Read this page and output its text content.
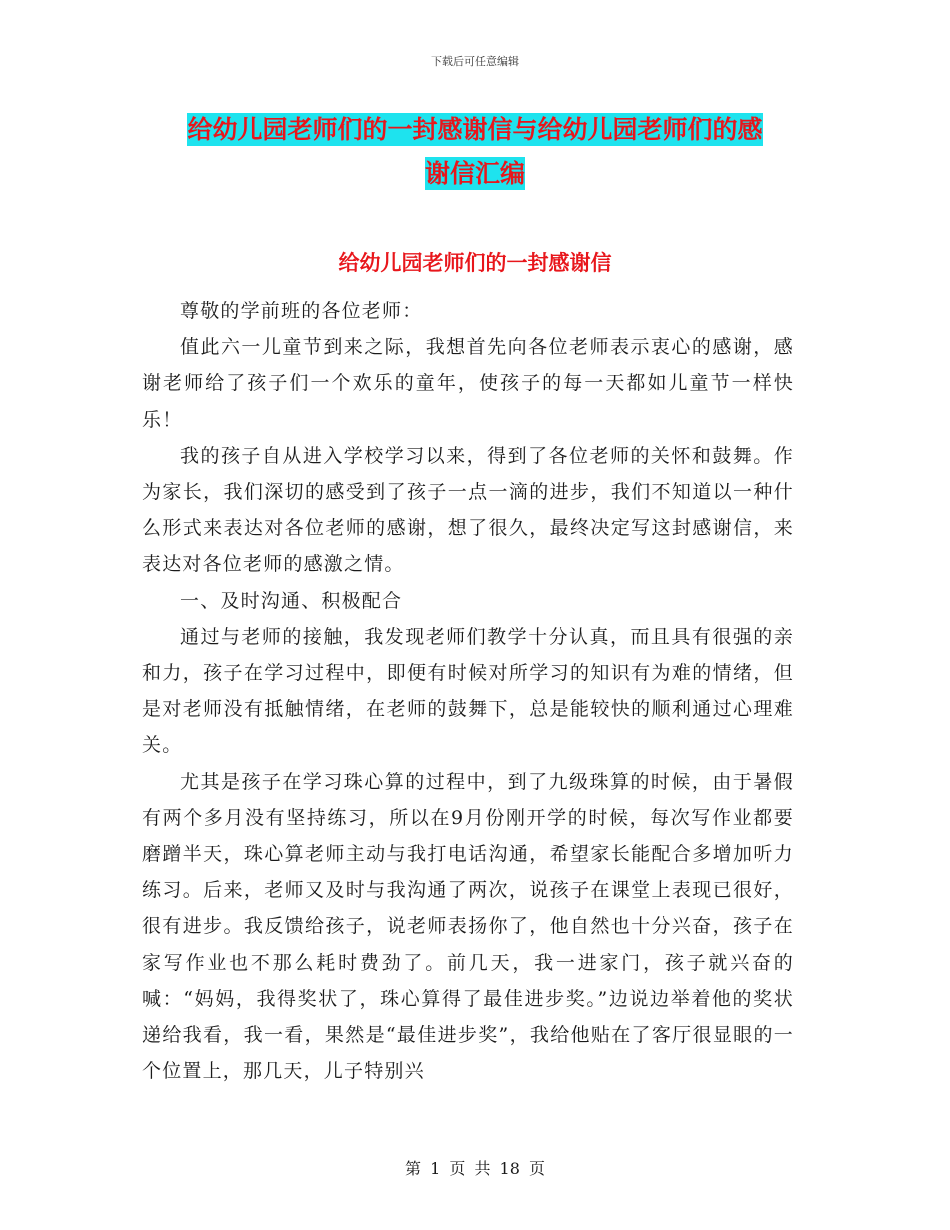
下载后可任意编辑
给幼儿园老师们的一封感谢信与给幼儿园老师们的感
谢信汇编
给幼儿园老师们的一封感谢信

尊敬的学前班的各位老师：

值此六一儿童节到来之际，我想首先向各位老师表示衷心的感谢，感谢老师给了孩子们一个欢乐的童年，使孩子的每一天都如儿童节一样快乐！

我的孩子自从进入学校学习以来，得到了各位老师的关怀和鼓舞。作为家长，我们深切的感受到了孩子一点一滴的进步，我们不知道以一种什么形式来表达对各位老师的感谢，想了很久，最终决定写这封感谢信，来表达对各位老师的感激之情。

一、及时沟通、积极配合

通过与老师的接触，我发现老师们教学十分认真，而且具有很强的亲和力，孩子在学习过程中，即便有时候对所学习的知识有为难的情绪，但是对老师没有抵触情绪，在老师的鼓舞下，总是能较快的顺利通过心理难关。

尤其是孩子在学习珠心算的过程中，到了九级珠算的时候，由于暑假有两个多月没有坚持练习，所以在9月份刚开学的时候，每次写作业都要磨蹭半天，珠心算老师主动与我打电话沟通，希望家长能配合多增加听力练习。后来，老师又及时与我沟通了两次，说孩子在课堂上表现已很好，很有进步。我反馈给孩子，说老师表扬你了，他自然也十分兴奋，孩子在家写作业也不那么耗时费劲了。前几天，我一进家门，孩子就兴奋的喊：“妈妈，我得奖状了，珠心算得了最佳进步奖。”边说边举着他的奖状递给我看，我一看，果然是“最佳进步奖”，我给他贴在了客厅很显眼的一个位置上，那几天，儿子特别兴

第 1 页 共 18 页
